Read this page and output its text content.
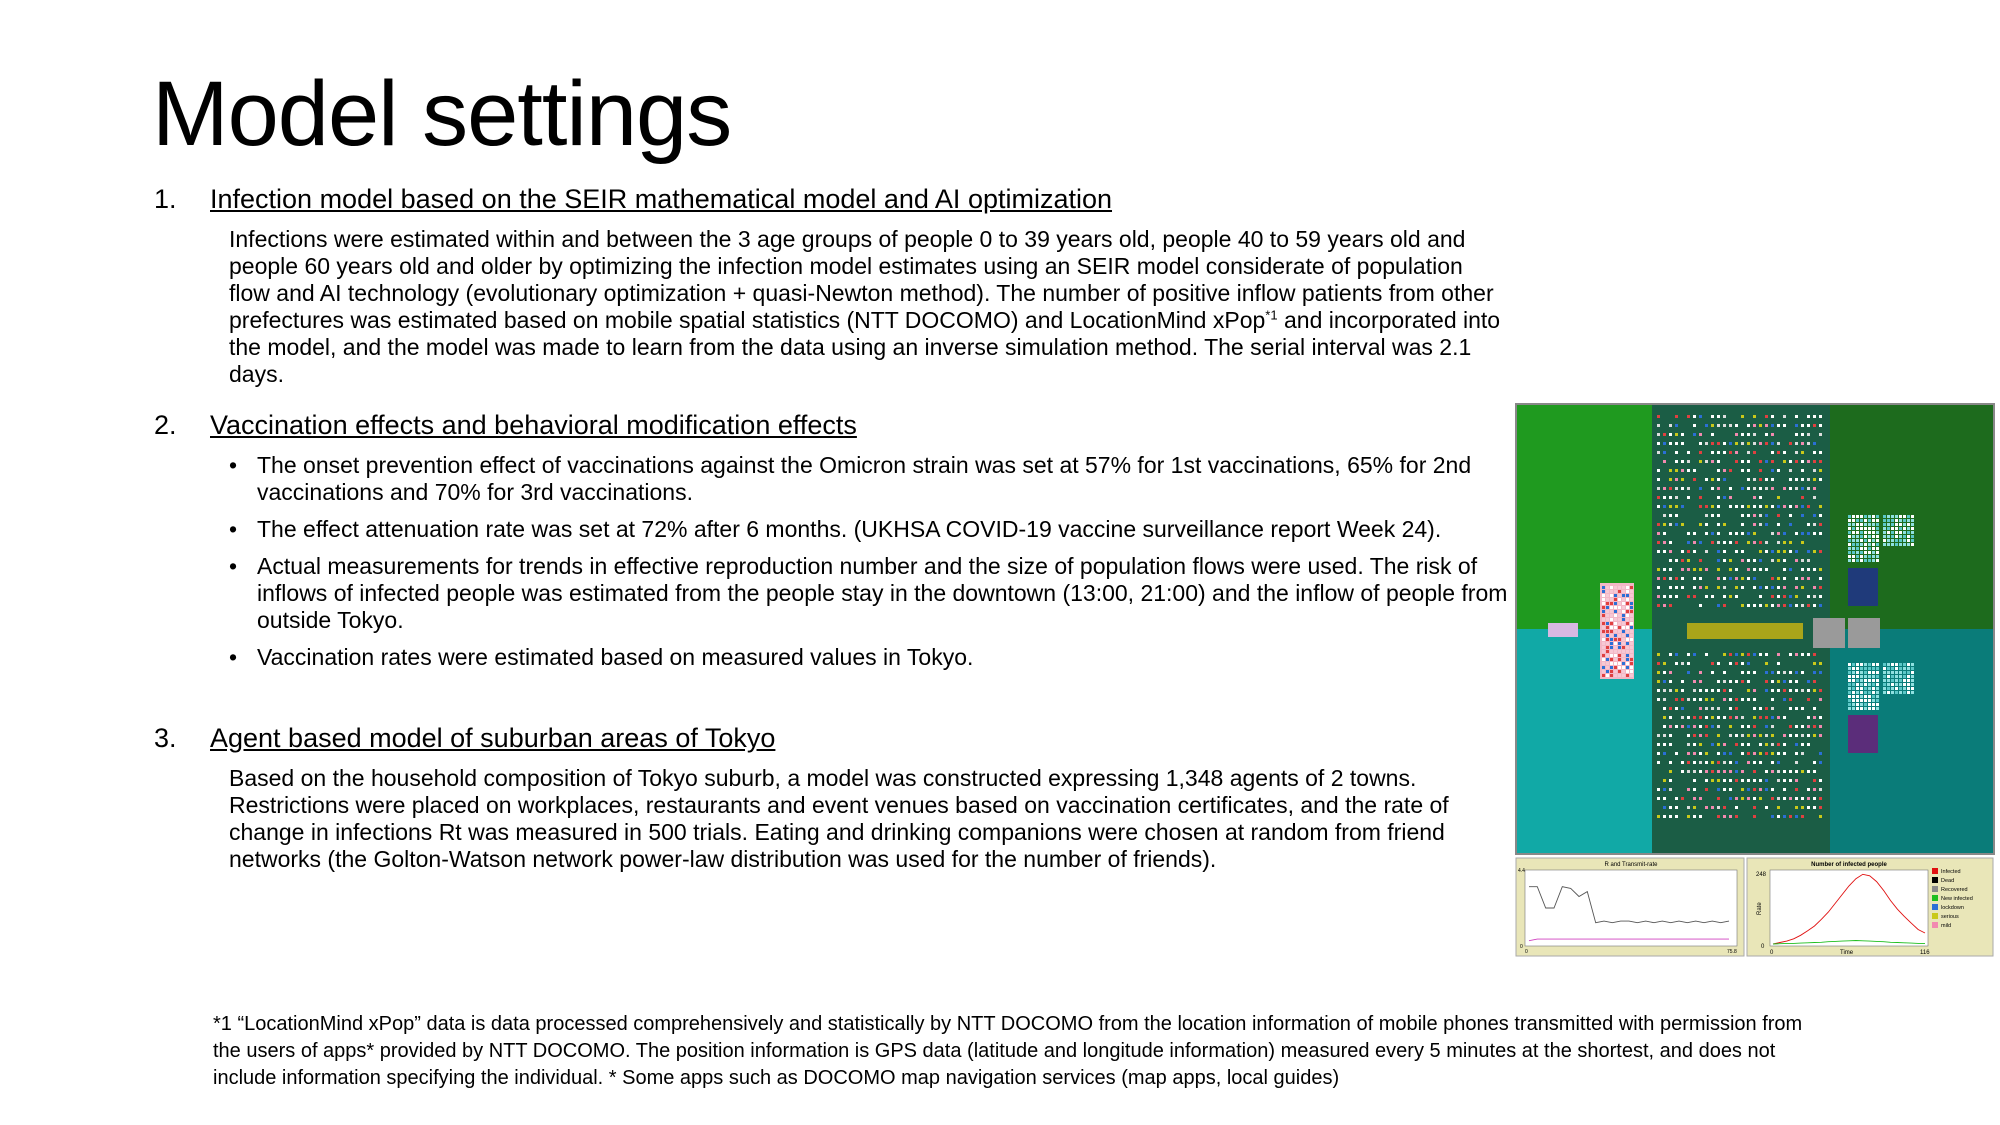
Model settings
1. Infection model based on the SEIR mathematical model and AI optimization
Infections were estimated within and between the 3 age groups of people 0 to 39 years old, people 40 to 59 years old and people 60 years old and older by optimizing the infection model estimates using an SEIR model considerate of population flow and AI technology (evolutionary optimization + quasi-Newton method). The number of positive inflow patients from other prefectures was estimated based on mobile spatial statistics (NTT DOCOMO) and LocationMind xPop$^{*1}$ and incorporated into the model, and the model was made to learn from the data using an inverse simulation method. The serial interval was 2.1 days.
2. Vaccination effects and behavioral modification effects
• The onset prevention effect of vaccinations against the Omicron strain was set at 57% for 1st vaccinations, 65% for 2nd vaccinations and 70% for 3rd vaccinations.
• The effect attenuation rate was set at 72% after 6 months. (UKHSA COVID-19 vaccine surveillance report Week 24).
• Actual measurements for trends in effective reproduction number and the size of population flows were used. The risk of inflows of infected people was estimated from the people stay in the downtown (13:00, 21:00) and the inflow of people from outside Tokyo.
• Vaccination rates were estimated based on measured values in Tokyo.
3. Agent based model of suburban areas of Tokyo
Based on the household composition of Tokyo suburb, a model was constructed expressing 1,348 agents of 2 towns. Restrictions were placed on workplaces, restaurants and event venues based on vaccination certificates, and the rate of change in infections Rt was measured in 500 trials. Eating and drinking companions were chosen at random from friend networks (the Golton-Watson network power-law distribution was used for the number of friends).	R and Transmit-rate
4.4
0
0	75.8
Number of infected people
248
0
0	116
Time
Rate
Infected
Dead
Recovered
New infected
lockdown
serious
mild
*1 “LocationMind xPop” data is data processed comprehensively and statistically by NTT DOCOMO from the location information of mobile phones transmitted with permission from the users of apps* provided by NTT DOCOMO. The position information is GPS data (latitude and longitude information) measured every 5 minutes at the shortest, and does not include information specifying the individual. * Some apps such as DOCOMO map navigation services (map apps, local guides)
